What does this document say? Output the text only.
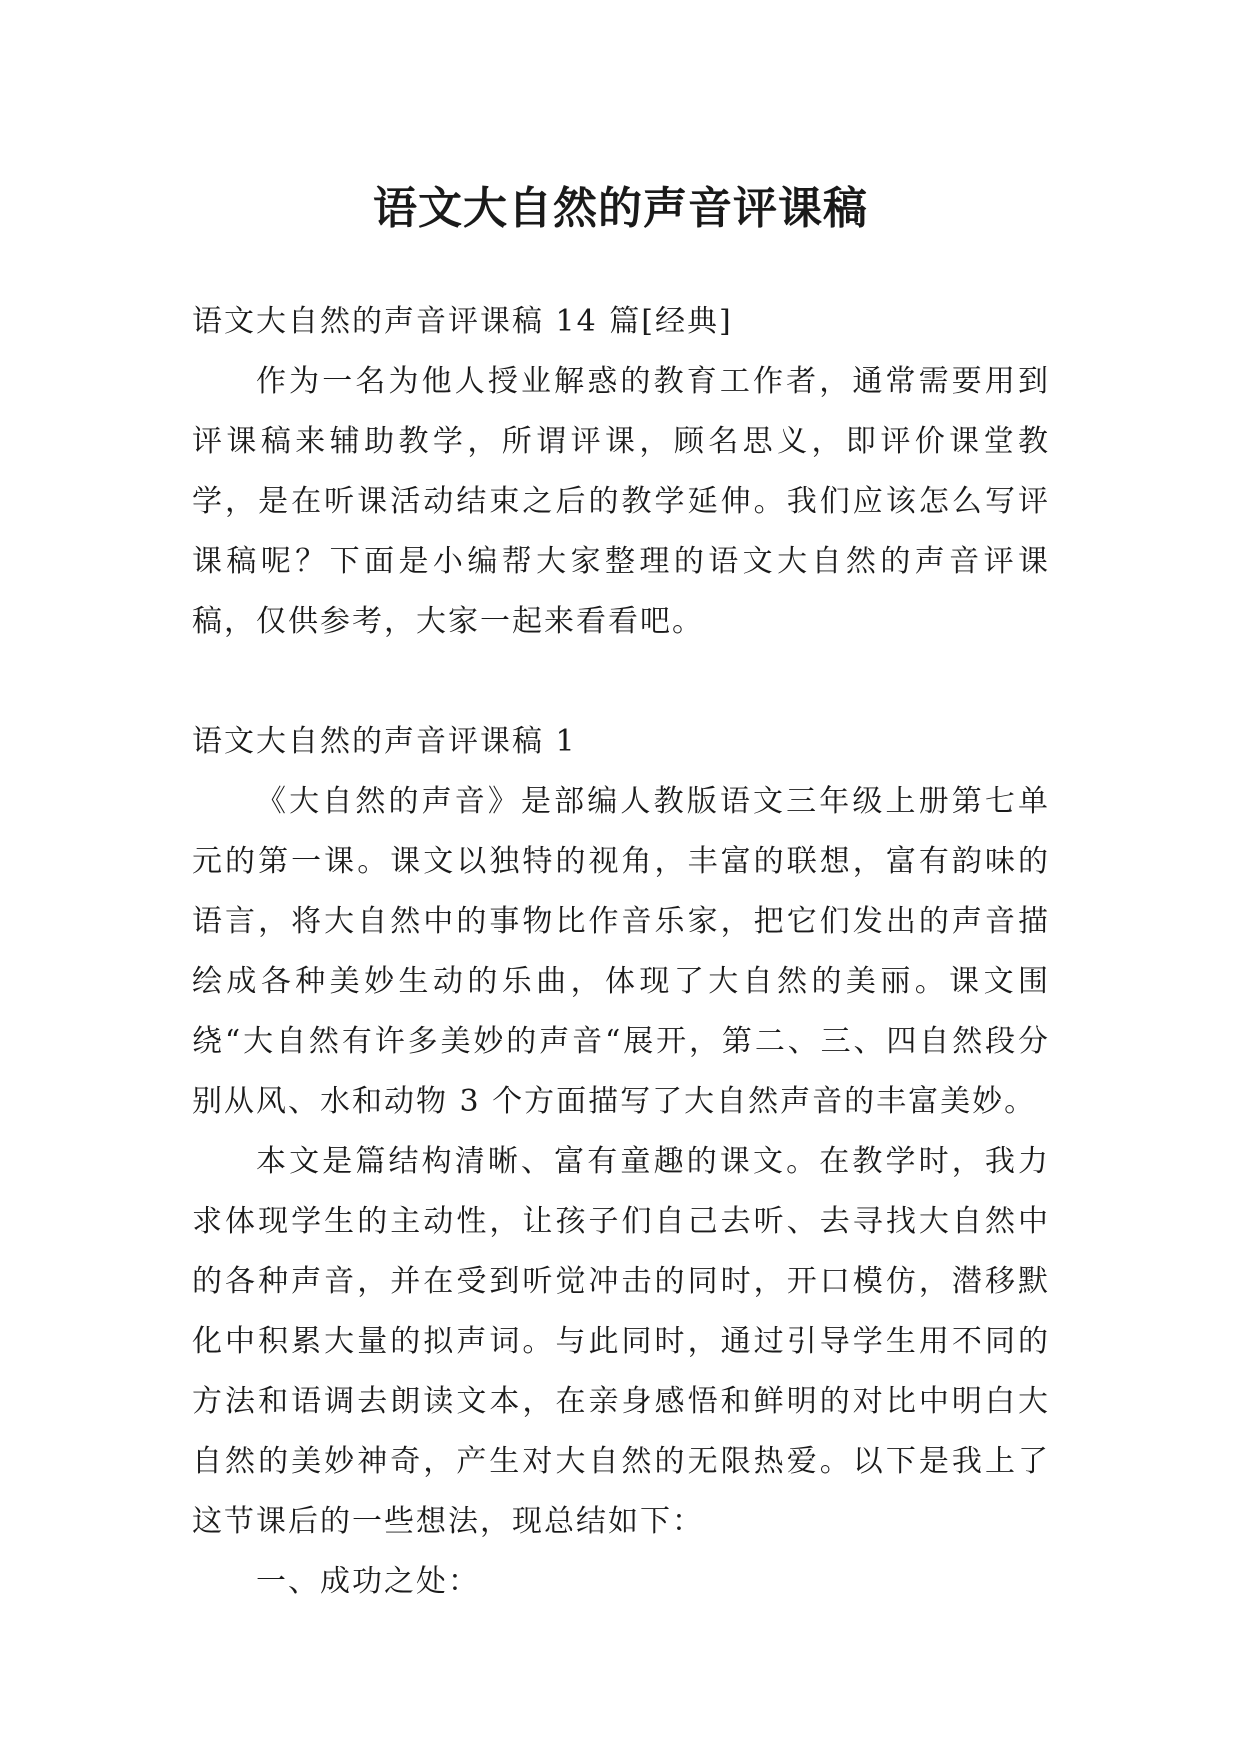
语文大自然的声音评课稿

语文大自然的声音评课稿 14 篇[经典]

作为一名为他人授业解惑的教育工作者，通常需要用到评课稿来辅助教学，所谓评课，顾名思义，即评价课堂教学，是在听课活动结束之后的教学延伸。我们应该怎么写评课稿呢？下面是小编帮大家整理的语文大自然的声音评课稿，仅供参考，大家一起来看看吧。

语文大自然的声音评课稿 1

《大自然的声音》是部编人教版语文三年级上册第七单元的第一课。课文以独特的视角，丰富的联想，富有韵味的语言，将大自然中的事物比作音乐家，把它们发出的声音描绘成各种美妙生动的乐曲，体现了大自然的美丽。课文围绕“大自然有许多美妙的声音“展开，第二、三、四自然段分别从风、水和动物 3 个方面描写了大自然声音的丰富美妙。

本文是篇结构清晰、富有童趣的课文。在教学时，我力求体现学生的主动性，让孩子们自己去听、去寻找大自然中的各种声音，并在受到听觉冲击的同时，开口模仿，潜移默化中积累大量的拟声词。与此同时，通过引导学生用不同的方法和语调去朗读文本，在亲身感悟和鲜明的对比中明白大自然的美妙神奇，产生对大自然的无限热爱。以下是我上了这节课后的一些想法，现总结如下：

一、成功之处：
